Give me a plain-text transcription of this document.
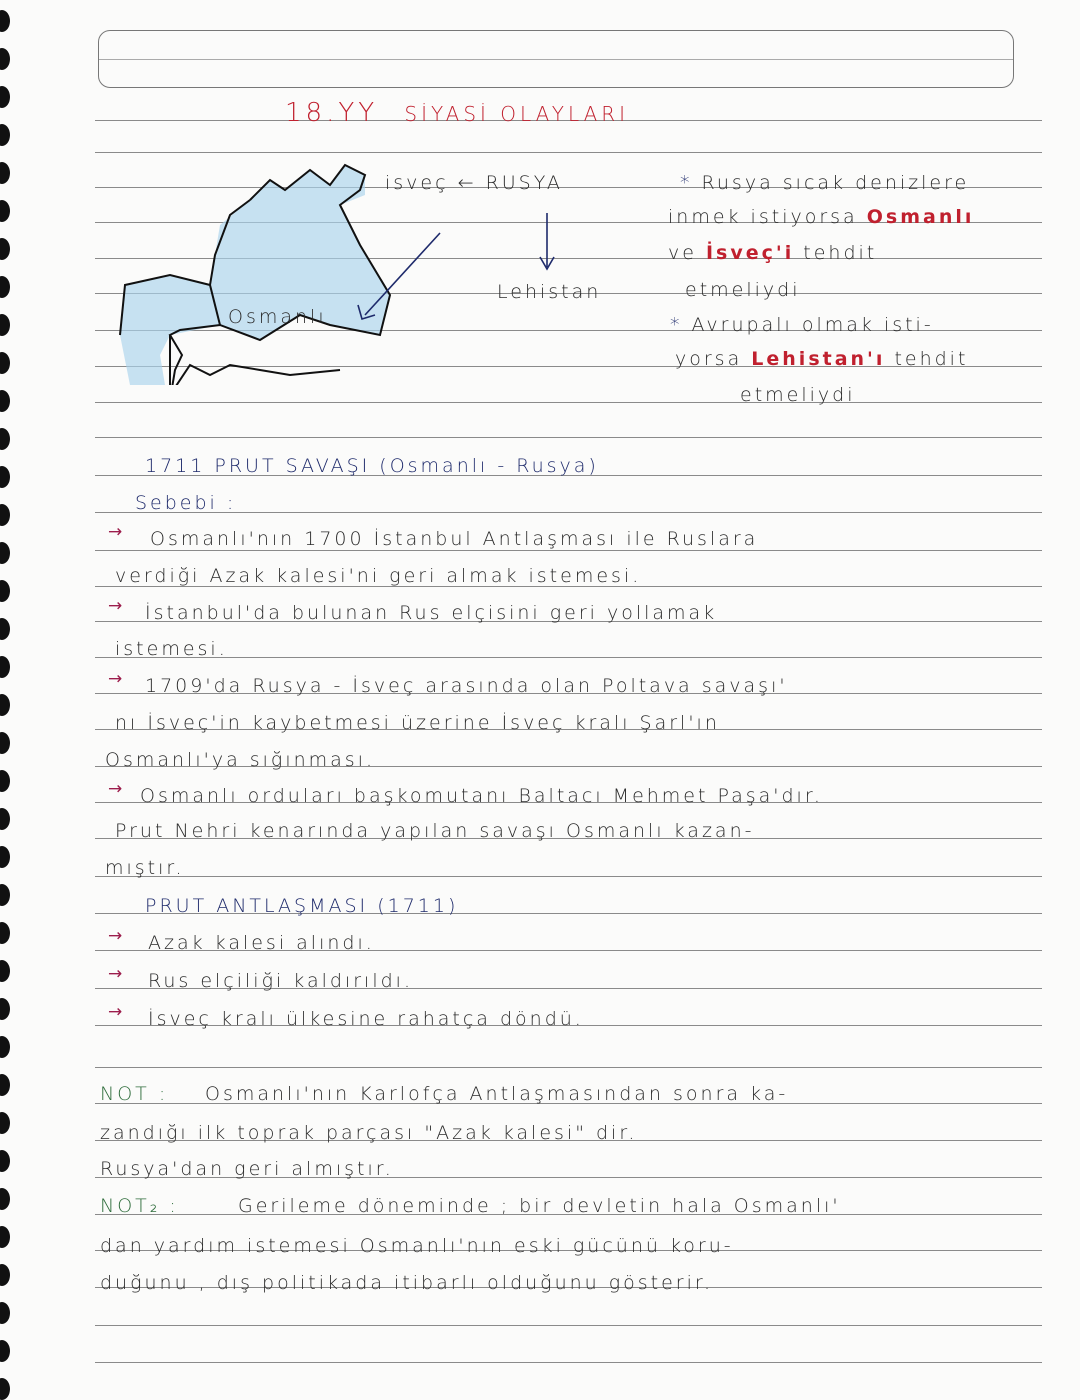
18.YY SİYASİ OLAYLARI
isveç ← RUSYA
Lehistan
Osmanlı
* Rusya sıcak denizlere
inmek istiyorsa Osmanlı
ve İsveç'i tehdit
etmeliydi
* Avrupalı olmak isti-
yorsa Lehistan'ı tehdit
etmeliydi
1711 PRUT SAVAŞI (Osmanlı - Rusya)
Sebebi :
Osmanlı'nın 1700 İstanbul Antlaşması ile Ruslara
→
verdiği Azak kalesi'ni geri almak istemesi.
İstanbul'da bulunan Rus elçisini geri yollamak
→
istemesi.
1709'da Rusya - İsveç arasında olan Poltava savaşı'
→
nı İsveç'in kaybetmesi üzerine İsveç kralı Şarl'ın
Osmanlı'ya sığınması.
Osmanlı orduları başkomutanı Baltacı Mehmet Paşa'dır.
→
Prut Nehri kenarında yapılan savaşı Osmanlı kazan-
mıştır.
PRUT ANTLAŞMASI (1711)
Azak kalesi alındı.
→
Rus elçiliği kaldırıldı.
→
İsveç kralı ülkesine rahatça döndü.
→
NOT : Osmanlı'nın Karlofça Antlaşmasından sonra ka-
zandığı ilk toprak parçası "Azak kalesi" dir.
Rusya'dan geri almıştır.
NOT₂ :	Gerileme döneminde ; bir devletin hala Osmanlı'
dan yardım istemesi Osmanlı'nın eski gücünü koru-
duğunu , dış politikada itibarlı olduğunu gösterir.
